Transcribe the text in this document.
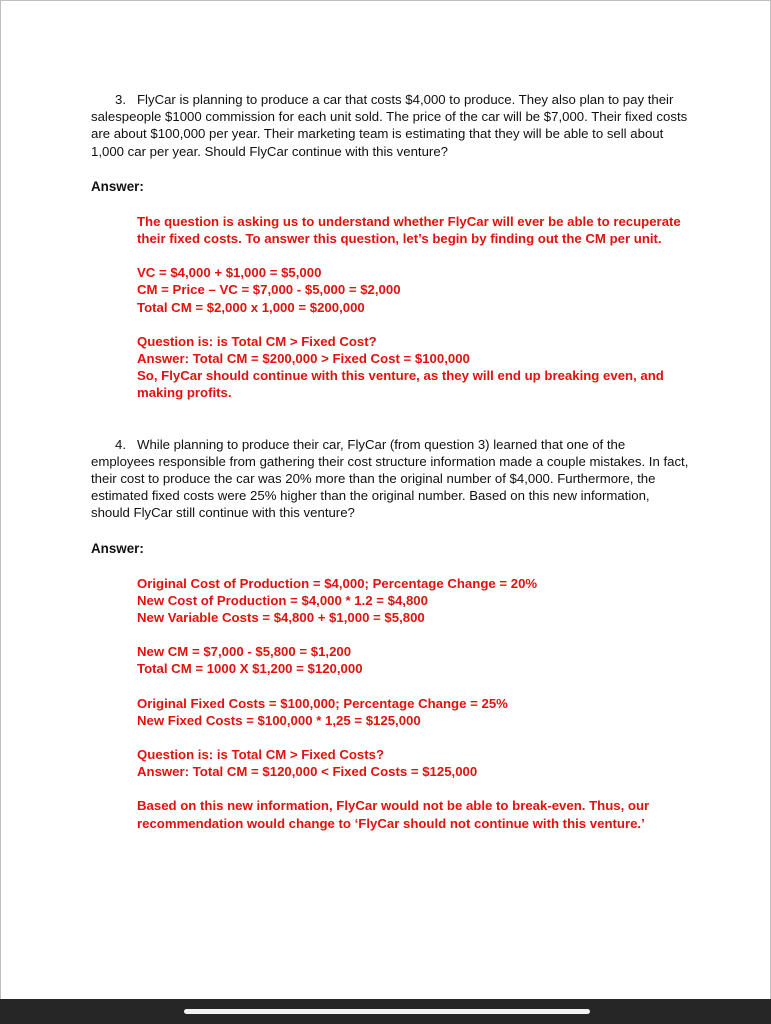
3. FlyCar is planning to produce a car that costs $4,000 to produce. They also plan to pay their salespeople $1000 commission for each unit sold. The price of the car will be $7,000. Their fixed costs are about $100,000 per year. Their marketing team is estimating that they will be able to sell about 1,000 car per year. Should FlyCar continue with this venture?

Answer:

The question is asking us to understand whether FlyCar will ever be able to recuperate their fixed costs. To answer this question, let’s begin by finding out the CM per unit.

VC = $4,000 + $1,000 = $5,000

CM = Price – VC = $7,000 - $5,000 = $2,000

Total CM = $2,000 x 1,000 = $200,000

Question is: is Total CM > Fixed Cost?

Answer: Total CM = $200,000 > Fixed Cost = $100,000

So, FlyCar should continue with this venture, as they will end up breaking even, and making profits.

4. While planning to produce their car, FlyCar (from question 3) learned that one of the employees responsible from gathering their cost structure information made a couple mistakes. In fact, their cost to produce the car was 20% more than the original number of $4,000. Furthermore, the estimated fixed costs were 25% higher than the original number. Based on this new information, should FlyCar still continue with this venture?

Answer:

Original Cost of Production = $4,000; Percentage Change = 20%

New Cost of Production = $4,000 * 1.2 = $4,800

New Variable Costs = $4,800 + $1,000 = $5,800

New CM = $7,000 - $5,800 = $1,200

Total CM = 1000 X $1,200 = $120,000

Original Fixed Costs = $100,000; Percentage Change = 25%

New Fixed Costs = $100,000 * 1,25 = $125,000

Question is: is Total CM > Fixed Costs?

Answer: Total CM = $120,000 < Fixed Costs = $125,000

Based on this new information, FlyCar would not be able to break-even. Thus, our recommendation would change to ‘FlyCar should not continue with this venture.’
